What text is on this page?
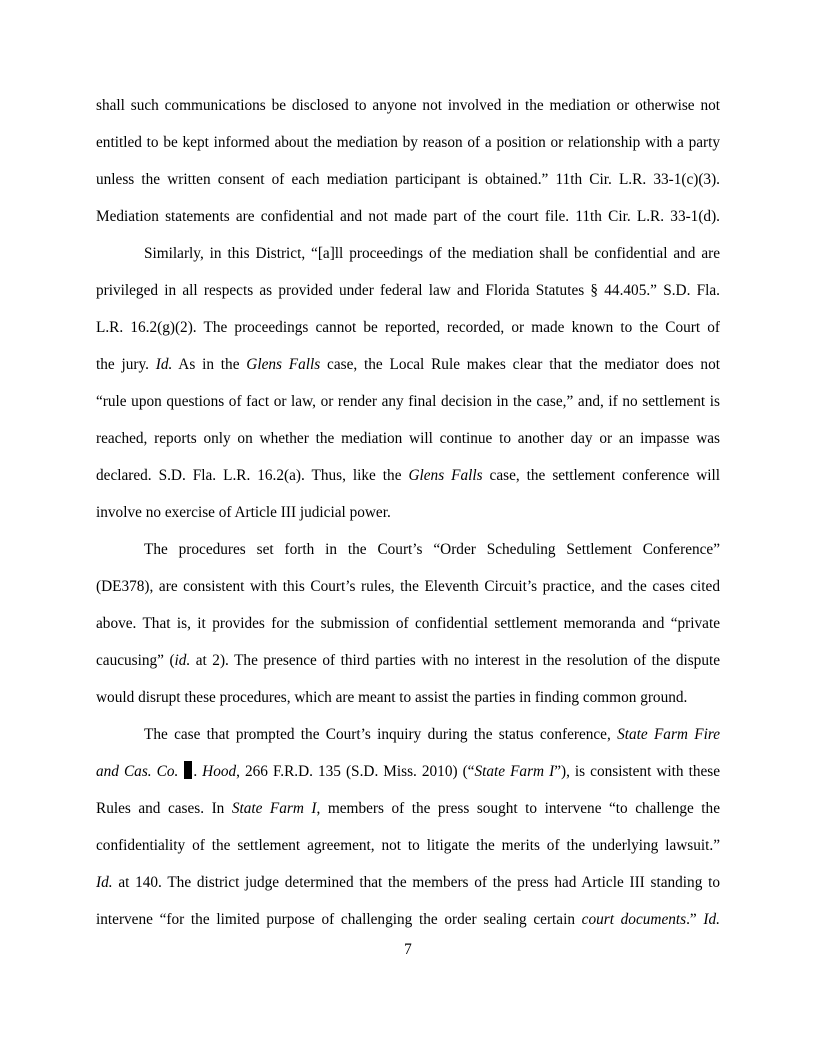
shall such communications be disclosed to anyone not involved in the mediation or otherwise not
entitled to be kept informed about the mediation by reason of a position or relationship with a party
unless the written consent of each mediation participant is obtained.” 11th Cir. L.R. 33-1(c)(3).
Mediation statements are confidential and not made part of the court file. 11th Cir. L.R. 33-1(d).
Similarly, in this District, “[a]ll proceedings of the mediation shall be confidential and are
privileged in all respects as provided under federal law and Florida Statutes § 44.405.” S.D. Fla.
L.R. 16.2(g)(2). The proceedings cannot be reported, recorded, or made known to the Court of
the jury. Id. As in the Glens Falls case, the Local Rule makes clear that the mediator does not
“rule upon questions of fact or law, or render any final decision in the case,” and, if no settlement is
reached, reports only on whether the mediation will continue to another day or an impasse was
declared. S.D. Fla. L.R. 16.2(a). Thus, like the Glens Falls case, the settlement conference will
involve no exercise of Article III judicial power.
The procedures set forth in the Court’s “Order Scheduling Settlement Conference”
(DE378), are consistent with this Court’s rules, the Eleventh Circuit’s practice, and the cases cited
above. That is, it provides for the submission of confidential settlement memoranda and “private
caucusing” (id. at 2). The presence of third parties with no interest in the resolution of the dispute
would disrupt these procedures, which are meant to assist the parties in finding common ground.
The case that prompted the Court’s inquiry during the status conference, State Farm Fire
and Cas. Co. . Hood, 266 F.R.D. 135 (S.D. Miss. 2010) (“State Farm I”), is consistent with these
Rules and cases. In State Farm I, members of the press sought to intervene “to challenge the
confidentiality of the settlement agreement, not to litigate the merits of the underlying lawsuit.”
Id. at 140. The district judge determined that the members of the press had Article III standing to
intervene “for the limited purpose of challenging the order sealing certain court documents.” Id.
7
